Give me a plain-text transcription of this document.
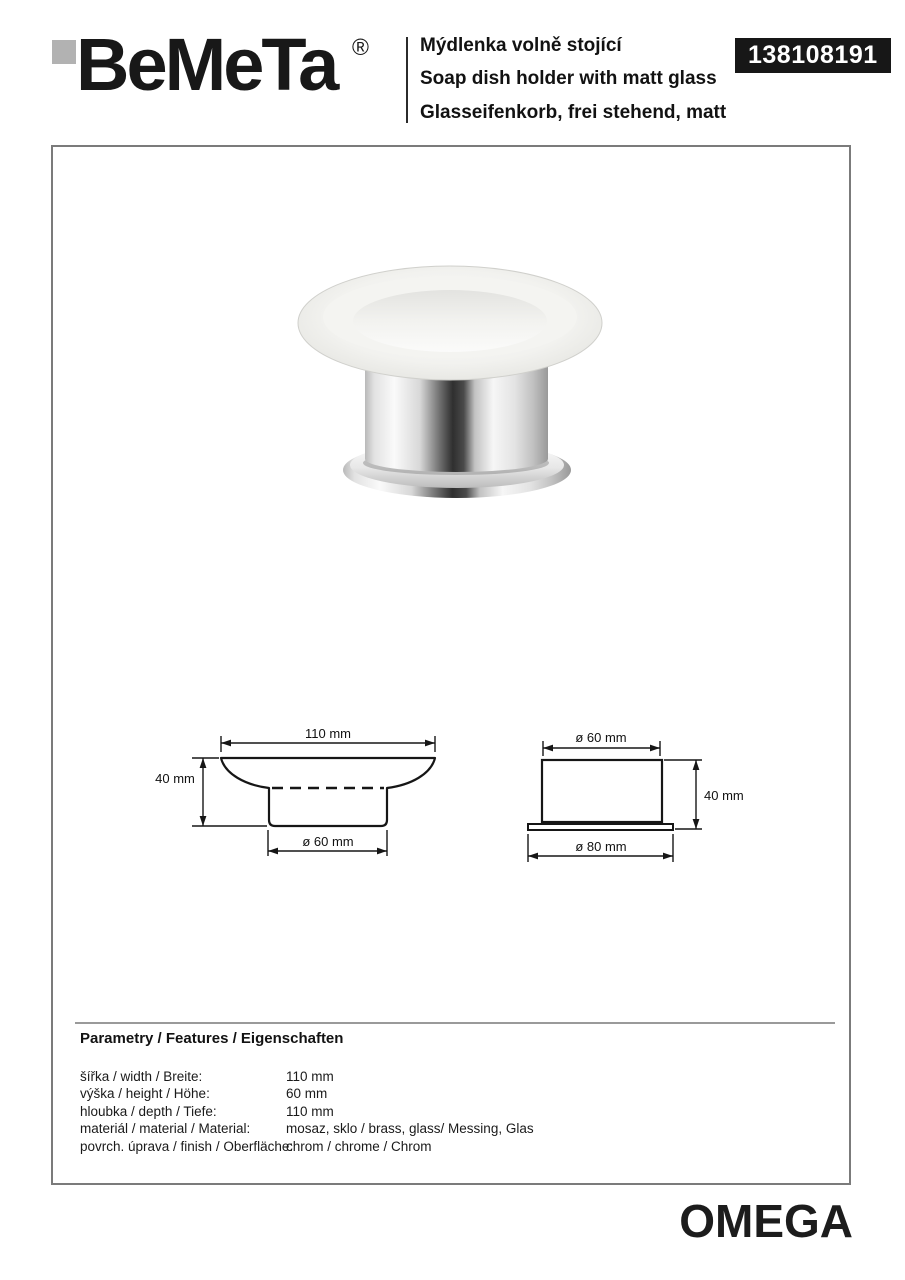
BeMeTa ®	Mýdlenka volně stojící
Soap dish holder with matt glass
Glasseifenkorb, frei stehend, matt
138108191
110 mm
40 mm
ø 60 mm
ø 60 mm
40 mm
ø 80 mm
Parametry / Features / Eigenschaften
šířka / width / Breite:	110 mm
výška / height / Höhe:	60 mm
hloubka / depth / Tiefe:	110 mm
materiál / material / Material:	mosaz, sklo / brass, glass/ Messing, Glas
povrch. úprava / finish / Oberfläche:chrom / chrome / Chrom
OMEGA
